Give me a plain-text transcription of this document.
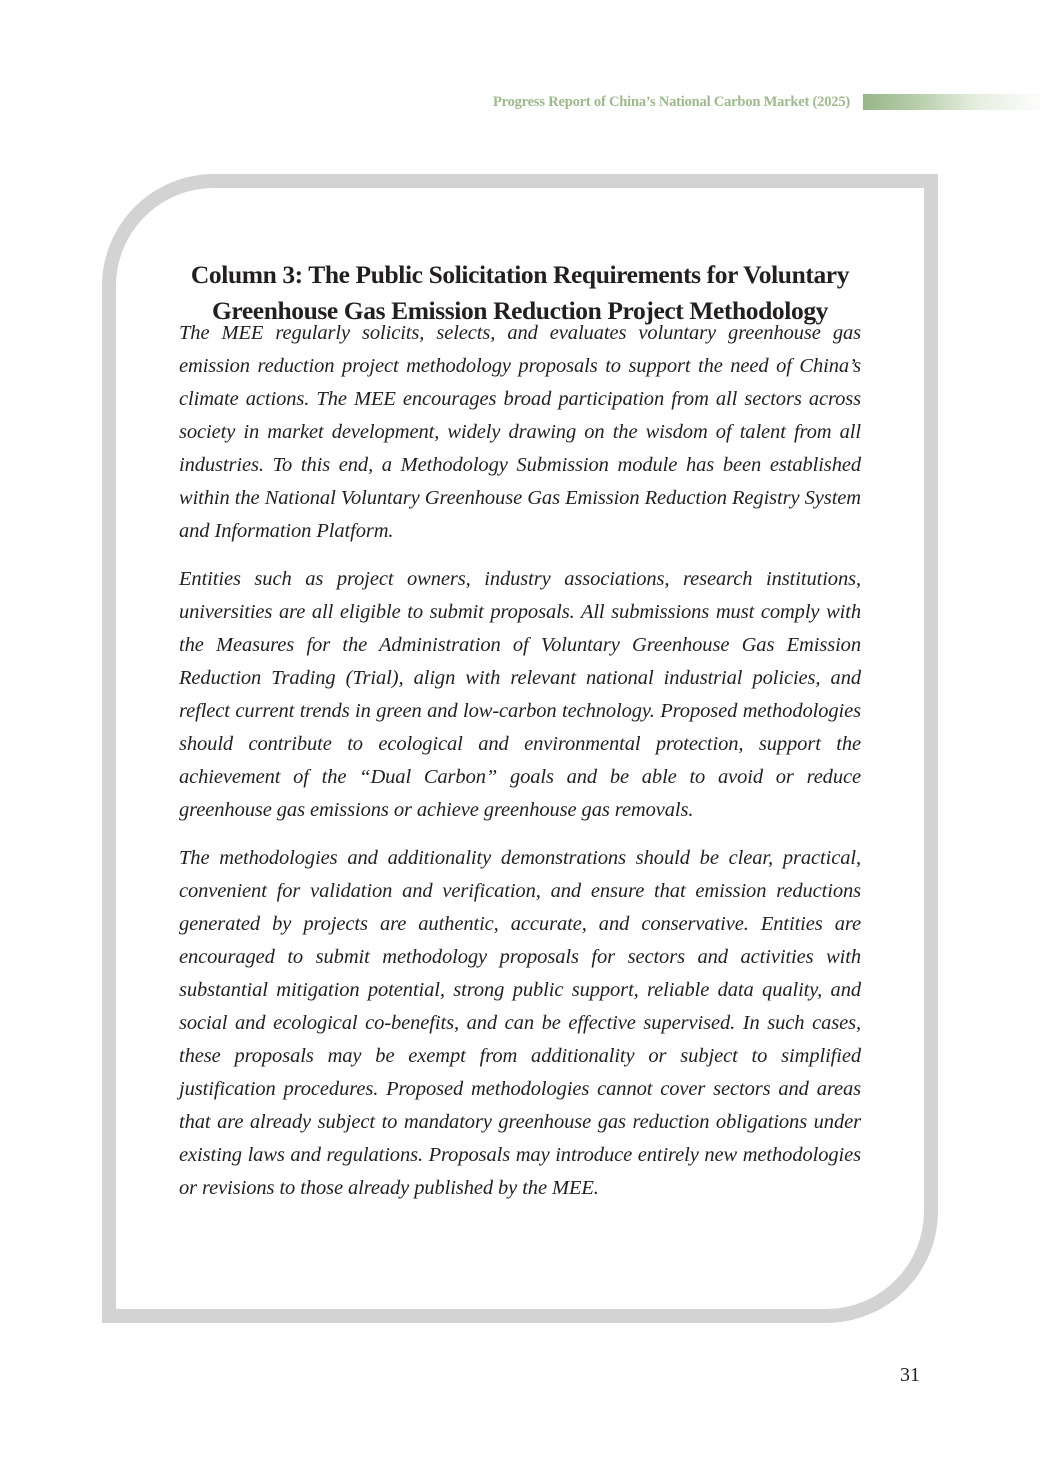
Progress Report of China’s National Carbon Market (2025)
Column 3: The Public Solicitation Requirements for Voluntary Greenhouse Gas Emission Reduction Project Methodology

The MEE regularly solicits, selects, and evaluates voluntary greenhouse gas emission reduction project methodology proposals to support the need of China’s climate actions. The MEE encourages broad participation from all sectors across society in market development, widely drawing on the wisdom of talent from all industries. To this end, a Methodology Submission module has been established within the National Voluntary Greenhouse Gas Emission Reduction Registry System and Information Platform.

Entities such as project owners, industry associations, research institutions, universities are all eligible to submit proposals. All submissions must comply with the Measures for the Administration of Voluntary Greenhouse Gas Emission Reduction Trading (Trial), align with relevant national industrial policies, and reflect current trends in green and low-carbon technology. Proposed methodologies should contribute to ecological and environmental protection, support the achievement of the “Dual Carbon” goals and be able to avoid or reduce greenhouse gas emissions or achieve greenhouse gas removals.

The methodologies and additionality demonstrations should be clear, practical, convenient for validation and verification, and ensure that emission reductions generated by projects are authentic, accurate, and conservative. Entities are encouraged to submit methodology proposals for sectors and activities with substantial mitigation potential, strong public support, reliable data quality, and social and ecological co-benefits, and can be effective supervised. In such cases, these proposals may be exempt from additionality or subject to simplified justification procedures. Proposed methodologies cannot cover sectors and areas that are already subject to mandatory greenhouse gas reduction obligations under existing laws and regulations. Proposals may introduce entirely new methodologies or revisions to those already published by the MEE.

31
